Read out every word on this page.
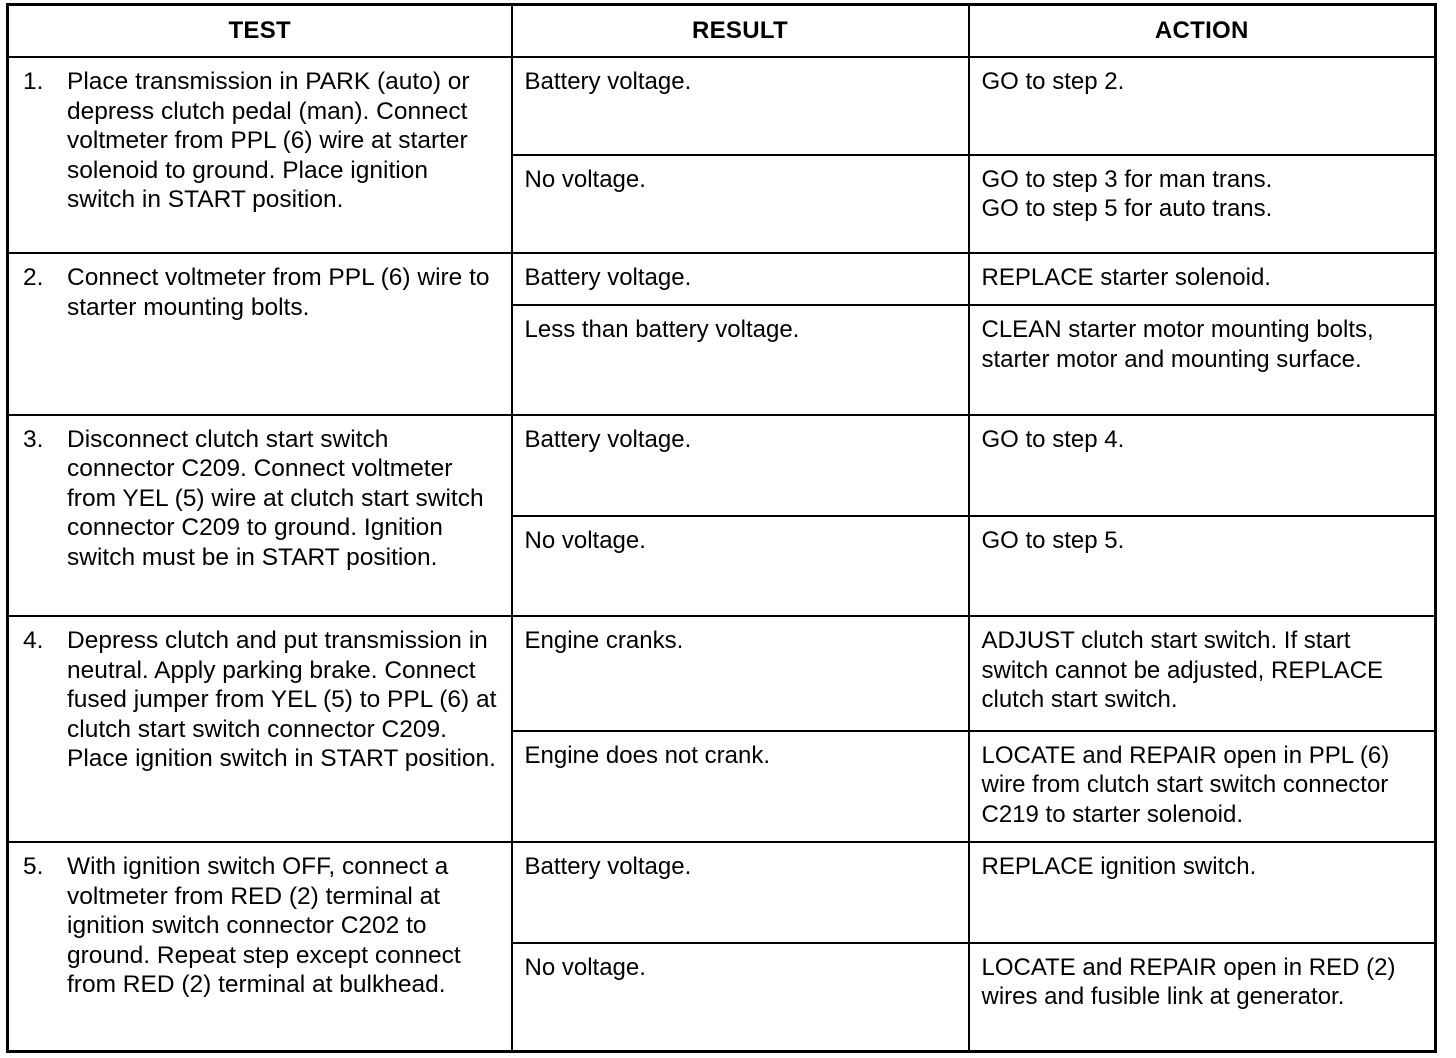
TEST	RESULT	ACTION

1. Place transmission in PARK (auto) or depress clutch pedal (man). Connect voltmeter from PPL (6) wire at starter solenoid to ground. Place ignition switch in START position.	Battery voltage.	GO to step 2.

	No voltage.	GO to step 3 for man trans.
GO to step 5 for auto trans.

2. Connect voltmeter from PPL (6) wire to starter mounting bolts.	Battery voltage.	REPLACE starter solenoid.

	Less than battery voltage.	CLEAN starter motor mounting bolts, starter motor and mounting surface.

3. Disconnect clutch start switch connector C209. Connect voltmeter from YEL (5) wire at clutch start switch connector C209 to ground. Ignition switch must be in START position.	Battery voltage.	GO to step 4.

	No voltage.	GO to step 5.

4. Depress clutch and put transmission in neutral. Apply parking brake. Connect fused jumper from YEL (5) to PPL (6) at clutch start switch connector C209. Place ignition switch in START position.	Engine cranks.	ADJUST clutch start switch. If start switch cannot be adjusted, REPLACE clutch start switch.

	Engine does not crank.	LOCATE and REPAIR open in PPL (6) wire from clutch start switch connector C219 to starter solenoid.

5. With ignition switch OFF, connect a voltmeter from RED (2) terminal at ignition switch connector C202 to ground. Repeat step except connect from RED (2) terminal at bulkhead.	Battery voltage.	REPLACE ignition switch.

	No voltage.	LOCATE and REPAIR open in RED (2) wires and fusible link at generator.
